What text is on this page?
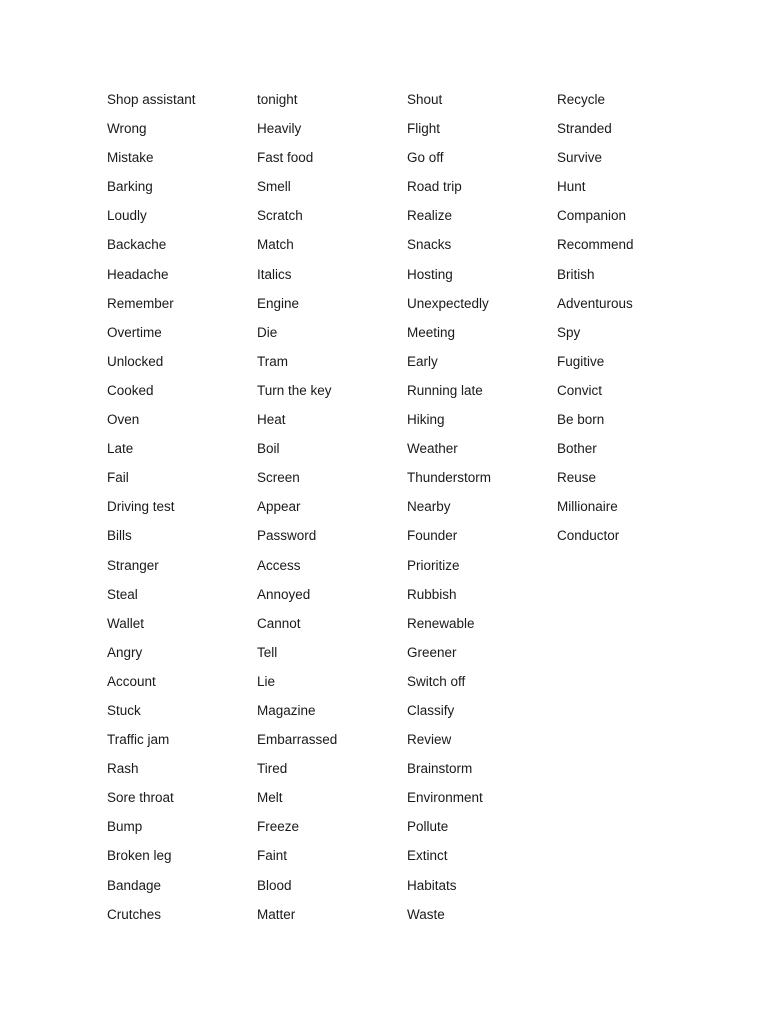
Shop assistant
Wrong
Mistake
Barking
Loudly
Backache
Headache
Remember
Overtime
Unlocked
Cooked
Oven
Late
Fail
Driving test
Bills
Stranger
Steal
Wallet
Angry
Account
Stuck
Traffic jam
Rash
Sore throat
Bump
Broken leg
Bandage
Crutches
tonight
Heavily
Fast food
Smell
Scratch
Match
Italics
Engine
Die
Tram
Turn the key
Heat
Boil
Screen
Appear
Password
Access
Annoyed
Cannot
Tell
Lie
Magazine
Embarrassed
Tired
Melt
Freeze
Faint
Blood
Matter
Shout
Flight
Go off
Road trip
Realize
Snacks
Hosting
Unexpectedly
Meeting
Early
Running late
Hiking
Weather
Thunderstorm
Nearby
Founder
Prioritize
Rubbish
Renewable
Greener
Switch off
Classify
Review
Brainstorm
Environment
Pollute
Extinct
Habitats
Waste
Recycle
Stranded
Survive
Hunt
Companion
Recommend
British
Adventurous
Spy
Fugitive
Convict
Be born
Bother
Reuse
Millionaire
Conductor
